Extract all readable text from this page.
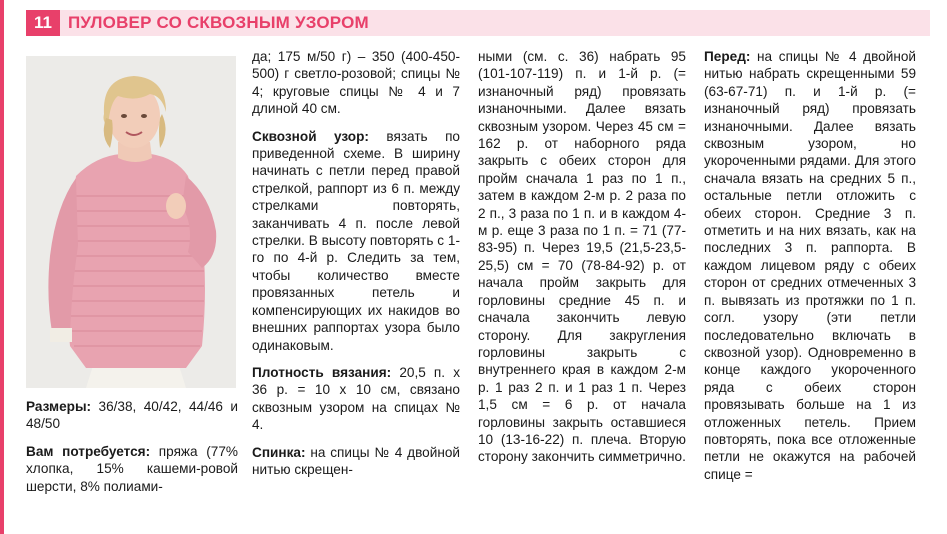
11 ПУЛОВЕР СО СКВОЗНЫМ УЗОРОМ

Размеры: 36/38, 40/42, 44/46 и 48/50

Вам потребуется: пряжа (77% хлопка, 15% кашеми-ровой шерсти, 8% полиами-

да; 175 м/50 г) – 350 (400-450-500) г светло-розовой; спицы № 4; круговые спицы № 4 и 7 длиной 40 см.

Сквозной узор: вязать по приведенной схеме. В ширину начинать с петли перед правой стрелкой, раппорт из 6 п. между стрелками повторять, заканчивать 4 п. после левой стрелки. В высоту повторять с 1-го по 4-й р. Следить за тем, чтобы количество вместе провязанных петель и компенсирующих их накидов во внешних раппортах узора было одинаковым.

Плотность вязания: 20,5 п. х 36 р. = 10 х 10 см, связано сквозным узором на спицах № 4.

Спинка: на спицы № 4 двойной нитью скрещен-

ными (см. с. 36) набрать 95 (101-107-119) п. и 1-й р. (= изнаночный ряд) провязать изнаночными. Далее вязать сквозным узором. Через 45 см = 162 р. от наборного ряда закрыть с обеих сторон для пройм сначала 1 раз по 1 п., затем в каждом 2-м р. 2 раза по 2 п., 3 раза по 1 п. и в каждом 4-м р. еще 3 раза по 1 п. = 71 (77-83-95) п. Через 19,5 (21,5-23,5-25,5) см = 70 (78-84-92) р. от начала пройм закрыть для горловины средние 45 п. и сначала закончить левую сторону. Для закругления горловины закрыть с внутреннего края в каждом 2-м р. 1 раз 2 п. и 1 раз 1 п. Через 1,5 см = 6 р. от начала горловины закрыть оставшиеся 10 (13-16-22) п. плеча. Вторую сторону закончить симметрично.

Перед: на спицы № 4 двойной нитью набрать скрещенными 59 (63-67-71) п. и 1-й р. (= изнаночный ряд) провязать изнаночными. Далее вязать сквозным узором, но укороченными рядами. Для этого сначала вязать на средних 5 п., остальные петли отложить с обеих сторон. Средние 3 п. отметить и на них вязать, как на последних 3 п. раппорта. В каждом лицевом ряду с обеих сторон от средних отмеченных 3 п. вывязать из протяжки по 1 п. согл. узору (эти петли последовательно включать в сквозной узор). Одновременно в конце каждого укороченного ряда с обеих сторон провязывать больше на 1 из отложенных петель. Прием повторять, пока все отложенные петли не окажутся на рабочей спице =
